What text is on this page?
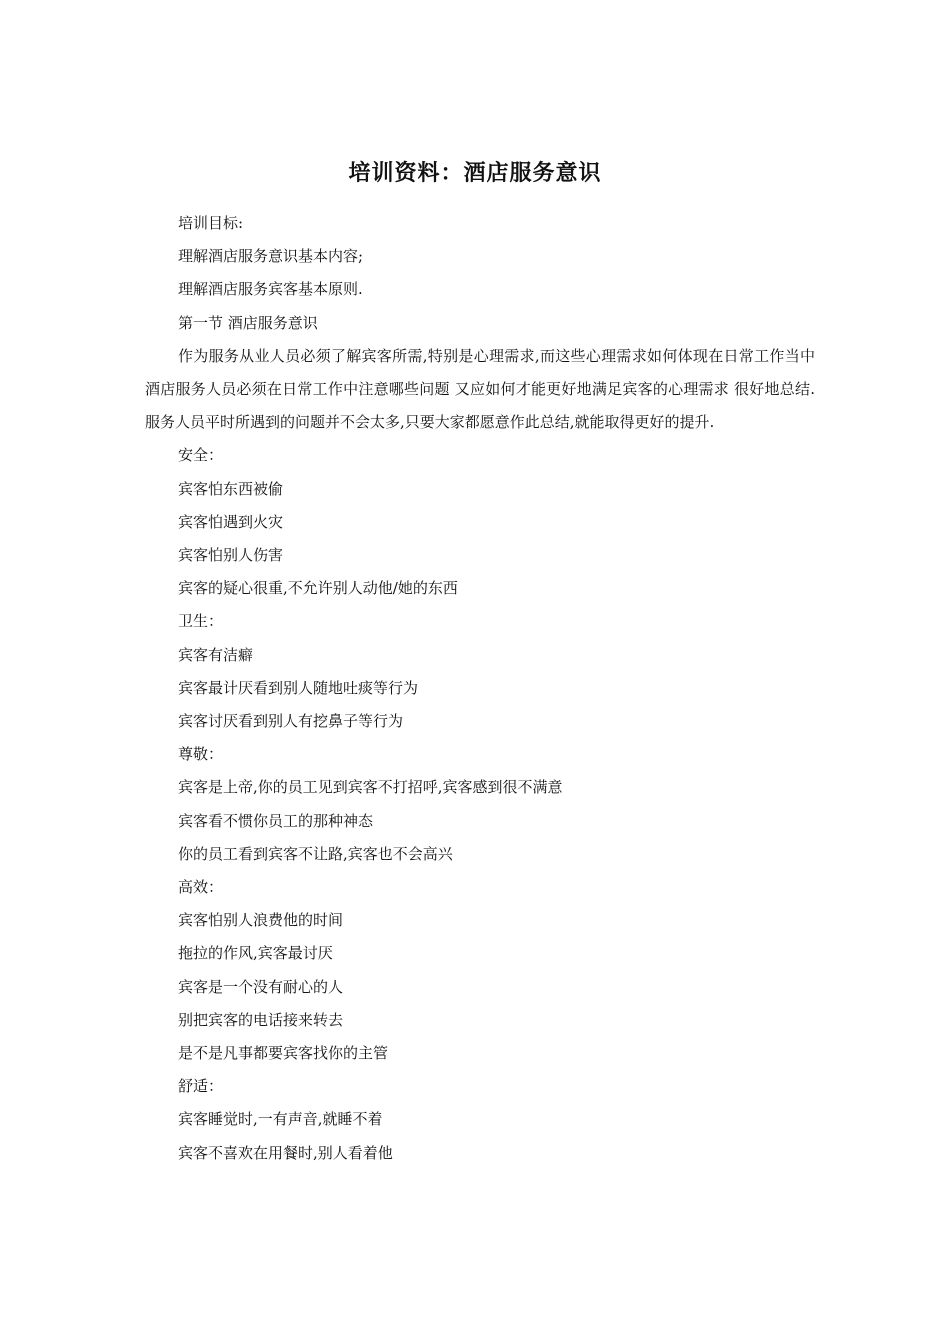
培训资料：酒店服务意识
培训目标:
理解酒店服务意识基本内容;
理解酒店服务宾客基本原则.
第一节 酒店服务意识

作为服务从业人员必须了解宾客所需,特别是心理需求,而这些心理需求如何体现在日常工作当中 酒店服务人员必须在日常工作中注意哪些问题 又应如何才能更好地满足宾客的心理需求 很好地总结.服务人员平时所遇到的问题并不会太多,只要大家都愿意作此总结,就能取得更好的提升.

安全：
宾客怕东西被偷
宾客怕遇到火灾
宾客怕别人伤害
宾客的疑心很重,不允许别人动他/她的东西
卫生：
宾客有洁癖
宾客最计厌看到别人随地吐痰等行为
宾客讨厌看到别人有挖鼻子等行为
尊敬：
宾客是上帝,你的员工见到宾客不打招呼,宾客感到很不满意
宾客看不惯你员工的那种神态
你的员工看到宾客不让路,宾客也不会高兴
高效：
宾客怕别人浪费他的时间
拖拉的作风,宾客最讨厌
宾客是一个没有耐心的人
别把宾客的电话接来转去
是不是凡事都要宾客找你的主管
舒适：
宾客睡觉时,一有声音,就睡不着
宾客不喜欢在用餐时,别人看着他
